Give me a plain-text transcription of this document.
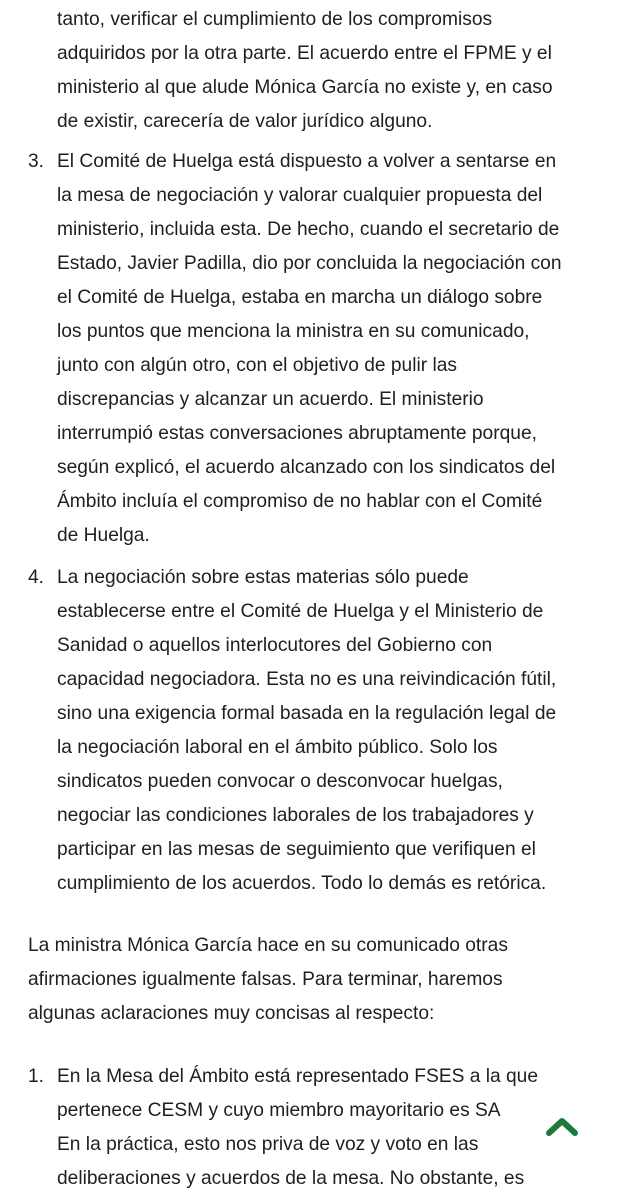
tanto, verificar el cumplimiento de los compromisos
adquiridos por la otra parte. El acuerdo entre el FPME y el
ministerio al que alude Mónica García no existe y, en caso
de existir, carecería de valor jurídico alguno.
3. El Comité de Huelga está dispuesto a volver a sentarse en
la mesa de negociación y valorar cualquier propuesta del
ministerio, incluida esta. De hecho, cuando el secretario de
Estado, Javier Padilla, dio por concluida la negociación con
el Comité de Huelga, estaba en marcha un diálogo sobre
los puntos que menciona la ministra en su comunicado,
junto con algún otro, con el objetivo de pulir las
discrepancias y alcanzar un acuerdo. El ministerio
interrumpió estas conversaciones abruptamente porque,
según explicó, el acuerdo alcanzado con los sindicatos del
Ámbito incluía el compromiso de no hablar con el Comité
de Huelga.
4. La negociación sobre estas materias sólo puede
establecerse entre el Comité de Huelga y el Ministerio de
Sanidad o aquellos interlocutores del Gobierno con
capacidad negociadora. Esta no es una reivindicación fútil,
sino una exigencia formal basada en la regulación legal de
la negociación laboral en el ámbito público. Solo los
sindicatos pueden convocar o desconvocar huelgas,
negociar las condiciones laborales de los trabajadores y
participar en las mesas de seguimiento que verifiquen el
cumplimiento de los acuerdos. Todo lo demás es retórica.
La ministra Mónica García hace en su comunicado otras
afirmaciones igualmente falsas. Para terminar, haremos
algunas aclaraciones muy concisas al respecto:
1. En la Mesa del Ámbito está representado FSES a la que
pertenece CESM y cuyo miembro mayoritario es SA
En la práctica, esto nos priva de voz y voto en las
deliberaciones y acuerdos de la mesa. No obstante, es
